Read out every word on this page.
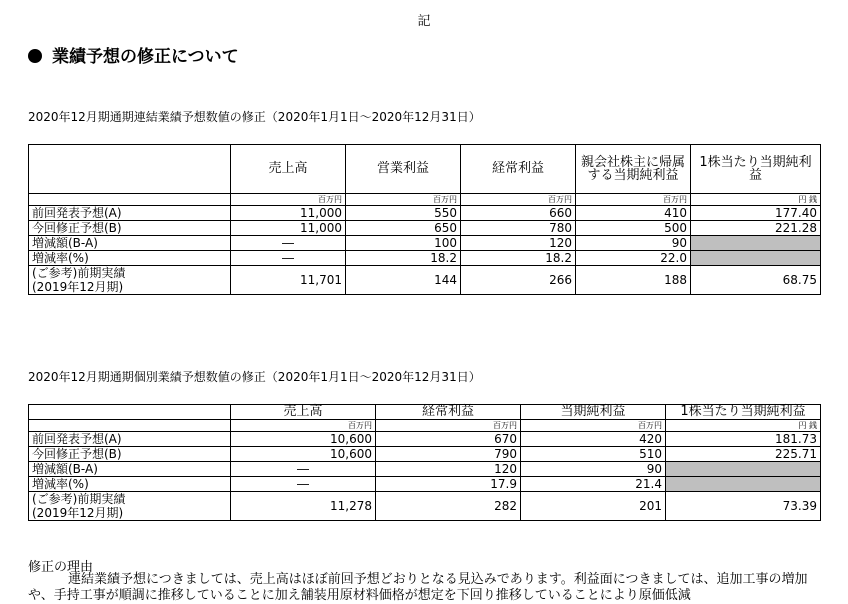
記
業績予想の修正について
2020年12月期通期連結業績予想数値の修正（2020年1月1日～2020年12月31日）
	売上高	営業利益	経常利益	親会社株主に帰属する当期純利益	1株当たり当期純利益
	百万円	百万円	百万円	百万円	円 銭
前回発表予想(A)	11,000	550	660	410	177.40
今回修正予想(B)	11,000	650	780	500	221.28
増減額(B-A)	―	100	120	90	
増減率(%)	―	18.2	18.2	22.0	

(ご参考)前期実績
(2019年12月期)	11,701	144	266	188	68.75
2020年12月期通期個別業績予想数値の修正（2020年1月1日～2020年12月31日）
	売上高	経常利益	当期純利益	1株当たり当期純利益
	百万円	百万円	百万円	円 銭
前回発表予想(A)	10,600	670	420	181.73
今回修正予想(B)	10,600	790	510	225.71
増減額(B-A)	―	120	90	
増減率(%)	―	17.9	21.4	

(ご参考)前期実績
(2019年12月期)	11,278	282	201	73.39
修正の理由
連結業績予想につきましては、売上高はほぼ前回予想どおりとなる見込みであります。利益面につきましては、追加工事の増加や、手持工事が順調に推移していることに加え舗装用原材料価格が想定を下回り推移していることにより原価低減
